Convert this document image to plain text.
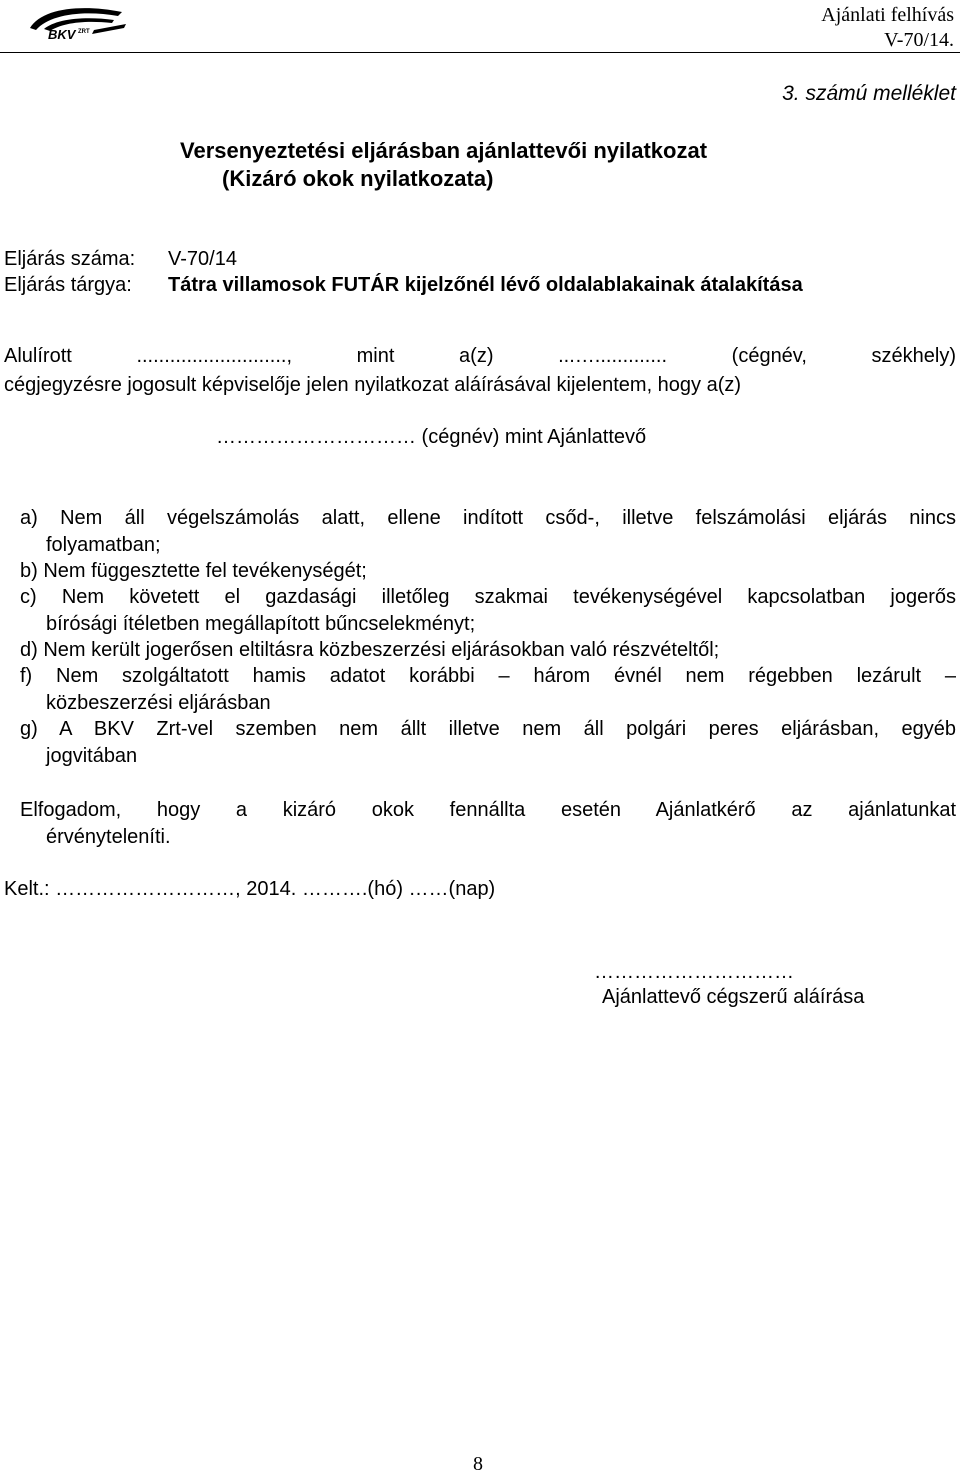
BKV ZRT
Ajánlati felhívás
V-70/14.
3. számú melléklet
Versenyeztetési eljárásban ajánlattevői nyilatkozat
(Kizáró okok nyilatkozata)
Eljárás száma: V-70/14
Eljárás tárgya: Tátra villamosok FUTÁR kijelzőnél lévő oldalablakainak átalakítása
Alulírott	..........................., mint a(z)	...….............	(cégnév,	székhely)
cégjegyzésre jogosult képviselője jelen nyilatkozat aláírásával kijelentem, hogy a(z)
………………………… (cégnév) mint Ajánlattevő
a) Nem áll végelszámolás alatt, ellene indított csőd-, illetve felszámolási eljárás nincs
folyamatban;
b) Nem függesztette fel tevékenységét;
c) Nem követett el gazdasági illetőleg szakmai tevékenységével kapcsolatban jogerős
bírósági ítéletben megállapított bűncselekményt;
d) Nem került jogerősen eltiltásra közbeszerzési eljárásokban való részvételtől;
f) Nem szolgáltatott hamis adatot korábbi – három évnél nem régebben lezárult –
közbeszerzési eljárásban
g) A BKV Zrt-vel szemben nem állt illetve nem áll polgári peres eljárásban, egyéb
jogvitában
Elfogadom, hogy a kizáró okok fennállta esetén Ajánlatkérő az ajánlatunkat
érvényteleníti.
Kelt.: ………………………, 2014. ……….(hó) ……(nap)
…………………………
Ajánlattevő cégszerű aláírása
8
